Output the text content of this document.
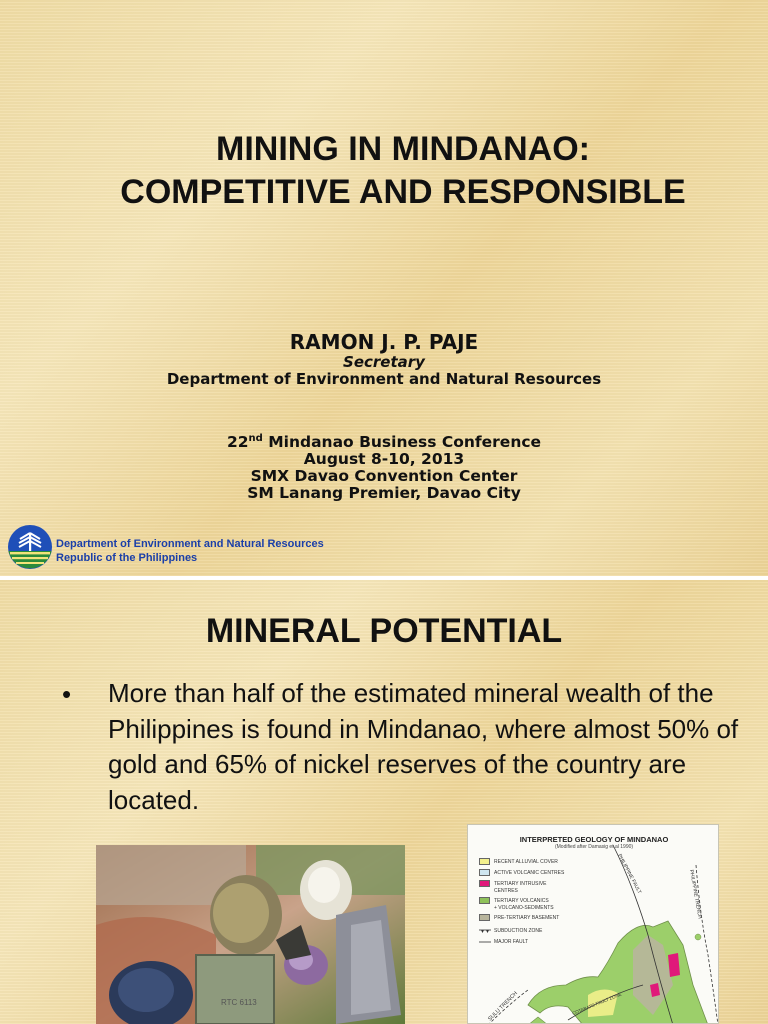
MINING IN MINDANAO:
COMPETITIVE AND RESPONSIBLE
RAMON J. P. PAJE
Secretary
Department of Environment and Natural Resources
22nd Mindanao Business Conference
August 8-10, 2013
SMX Davao Convention Center
SM Lanang Premier, Davao City
Department of Environment and Natural Resources
Republic of the Philippines
MINERAL POTENTIAL
• More than half of the estimated mineral wealth of the Philippines is found in Mindanao, where almost 50% of gold and 65% of nickel reserves of the country are located.
RTC 6113
INTERPRETED GEOLOGY OF MINDANAO
(Modified after Damasig et al 1990)
RECENT ALLUVIAL COVER
ACTIVE VOLCANIC CENTRES
TERTIARY INTRUSIVE
CENTRES
TERTIARY VOLCANICS
+ VOLCANO-SEDIMENTS
PRE-TERTIARY BASEMENT
SUBDUCTION ZONE
MAJOR FAULT
PHILIPPINE FAULT	PHILIPPINE TRENCH
SULU TRENCH	COTABATO FAULT ZONE
